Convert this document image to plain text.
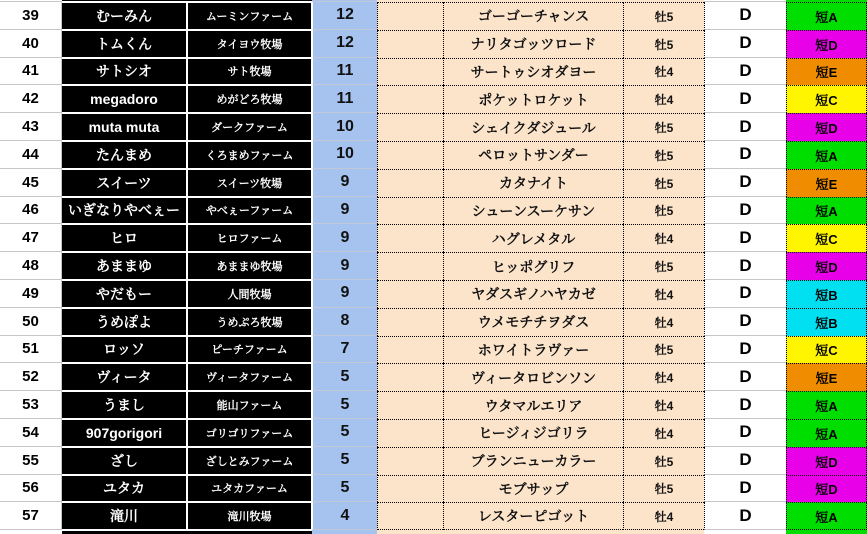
39	むーみん	ムーミンファーム	12	ゴーゴーチャンス	牡5	D	短A
40	トムくん	タイヨウ牧場	12	ナリタゴッツロード	牡5	D	短D
41	サトシオ	サト牧場	11	サートゥシオダヨー	牡4	D	短E
42	megadoro	めがどろ牧場	11	ポケットロケット	牡4	D	短C
43	muta muta	ダークファーム	10	シェイクダジュール	牡5	D	短D
44	たんまめ	くろまめファーム	10	ペロットサンダー	牡5	D	短A
45	スイーツ	スイーツ牧場	9	カタナイト	牡5	D	短E
46	いぎなりやべぇー	やべぇーファーム	9	シューンスーケサン	牡5	D	短A
47	ヒロ	ヒロファーム	9	ハグレメタル	牡4	D	短C
48	あままゆ	あままゆ牧場	9	ヒッポグリフ	牡5	D	短D
49	やだもー	人間牧場	9	ヤダスギノハヤカゼ	牡4	D	短B
50	うめぽよ	うめぷろ牧場	8	ウメモチチヲダス	牡4	D	短B
51	ロッソ	ピーチファーム	7	ホワイトラヴァー	牡5	D	短C
52	ヴィータ	ヴィータファーム	5	ヴィータロビンソン	牡4	D	短E
53	うまし	能山ファーム	5	ウタマルエリア	牡4	D	短A
54	907gorigori	ゴリゴリファーム	5	ヒージィジゴリラ	牡4	D	短A
55	ざし	ざしとみファーム	5	ブランニューカラー	牡5	D	短D
56	ユタカ	ユタカファーム	5	モブサップ	牡5	D	短D
57	滝川	滝川牧場	4	レスターピゴット	牡4	D	短A
